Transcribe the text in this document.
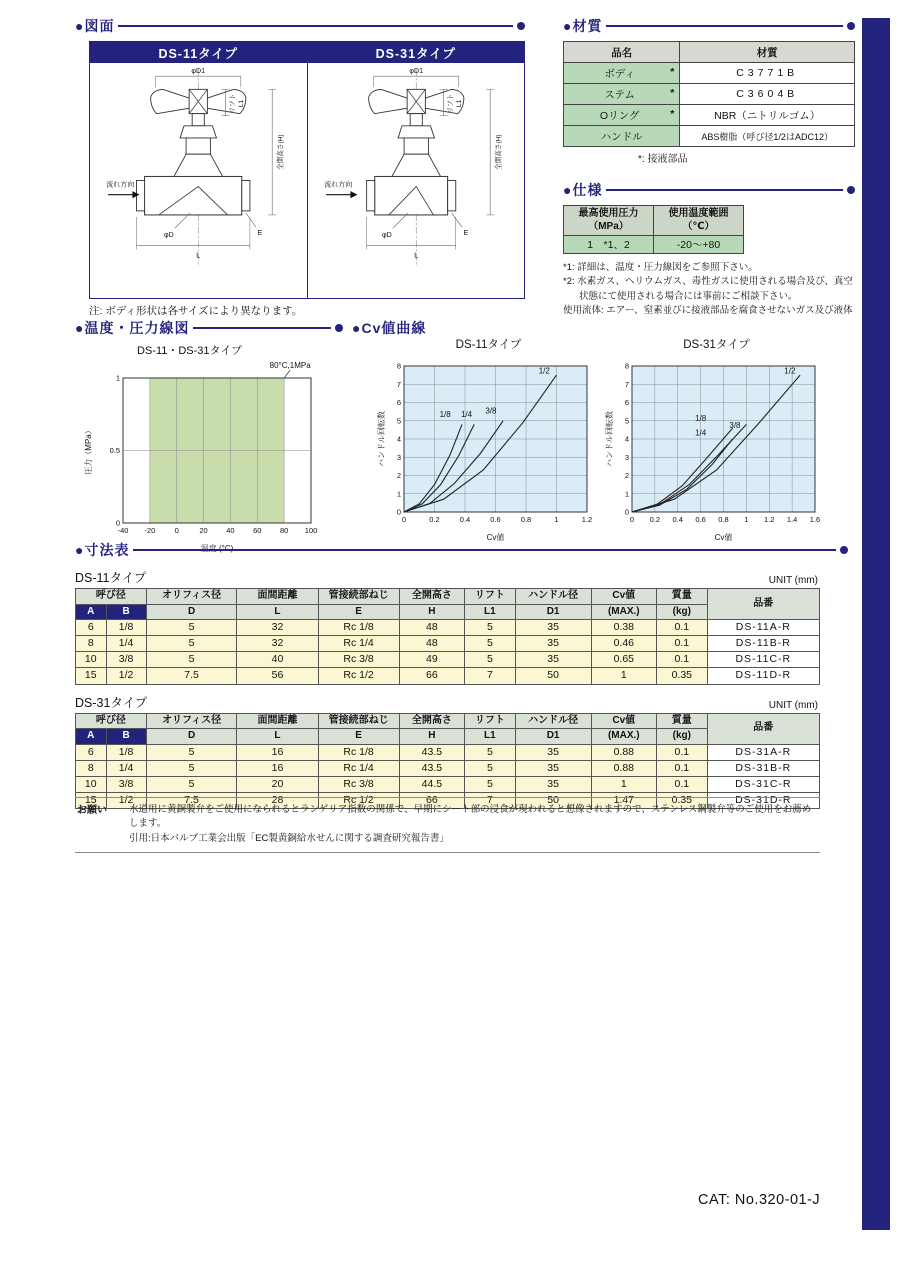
●図面
DS-11タイプ
φD1
リフト L1
流れ方向
φD
L
E
全開高さ(H)
DS-31タイプ
φD1
リフト L1
流れ方向
φD
L
E
全開高さ(H)
注: ボディ形状は各サイズにより異なります。
●材質
品名	材質
ボディ *	C3771B
ステム *	C3604B
Oリング *	NBR（ニトリルゴム）
ハンドル	ABS樹脂（呼び径1/2はADC12）
*: 接液部品
●仕様
最高使用圧力
（MPa）	使用温度範囲
（℃）
1　*1、2	-20〜+80
*1: 詳細は、温度・圧力線図をご参照下さい。
*2: 水素ガス、ヘリウムガス、毒性ガスに使用される場合及び、真空状態にて使用される場合には事前にご相談下さい。
使用流体: エアー、窒素並びに接液部品を腐食させないガス及び液体
●温度・圧力線図
DS-11・DS-31タイプ
-40 -20	0	20 40 60 80 100
0
0.5
1
80°C,1MPa
圧力（MPa）
●Cv値曲線
DS-11タイプ
0	0.2	0.4	0.6	0.8	1	1.2
0
1
2
3
4
5
6
7
8
1/8 1/4 3/8
1/2
Cv値
ハンドル回転数
DS-31タイプ
0 0.2 0.4 0.6 0.8 1 1.2 1.4 1.6
0
1
2
3
4
5
6
7
8
1/8
1/4
3/8
1/2
Cv値
ハンドル回転数
●寸法表
DS-11タイプ	UNIT (mm)
呼び径		オリフィス径	面間距離	管接続部ねじ	全開高さ	リフト	ハンドル径	Cv値	質量	品番
A	B	D	L	E	H	L1	D1	(MAX.)	(kg)	
6	1/8	5	32	Rc 1/8	48	5	35	0.38	0.1	DS-11A-R
8	1/4	5	32	Rc 1/4	48	5	35	0.46	0.1	DS-11B-R
10	3/8	5	40	Rc 3/8	49	5	35	0.65	0.1	DS-11C-R
15	1/2	7.5	56	Rc 1/2	66	7	50	1	0.35	DS-11D-R
DS-31タイプ	UNIT (mm)
呼び径		オリフィス径	面間距離	管接続部ねじ	全開高さ	リフト	ハンドル径	Cv値	質量	品番
A	B	D	L	E	H	L1	D1	(MAX.)	(kg)	
6	1/8	5	16	Rc 1/8	43.5	5	35	0.88	0.1	DS-31A-R
8	1/4	5	16	Rc 1/4	43.5	5	35	0.88	0.1	DS-31B-R
10	3/8	5	20	Rc 3/8	44.5	5	35	1	0.1	DS-31C-R
15	1/2	7.5	28	Rc 1/2	66	7	50	1.47	0.35	DS-31D-R
お願い	水道用に黄銅製弁をご使用になられるとランゲリア指数の関係で、早期にシート部の浸食が現われると想像されますので、ステンレス鋼製弁等のご使用をお薦めします。
引用:日本バルブ工業会出版「EC製黄銅給水せんに関する調査研究報告書」
CAT: No.320-01-J
